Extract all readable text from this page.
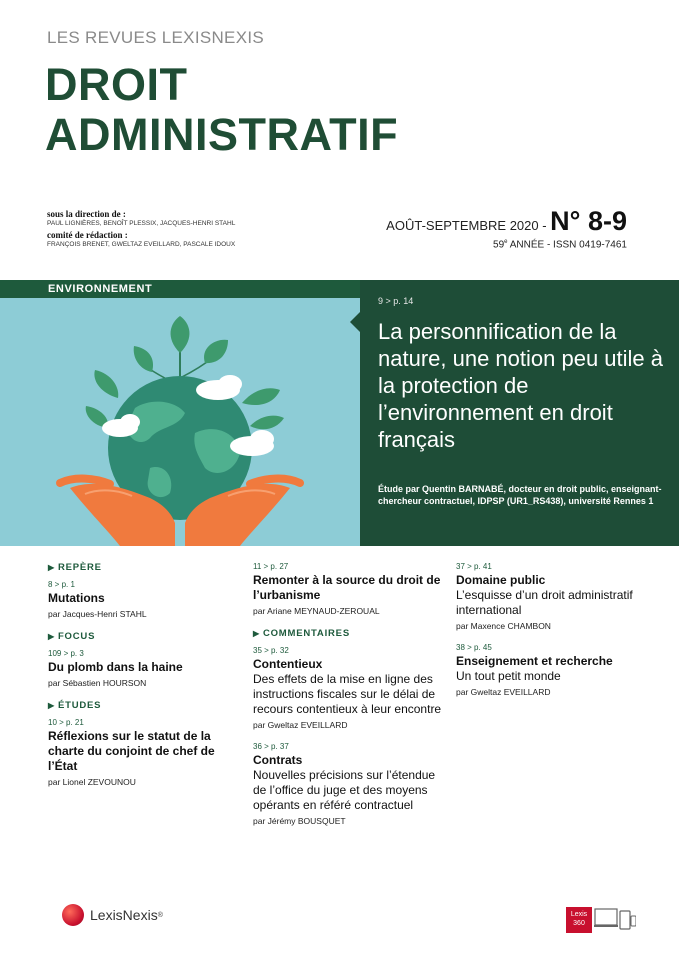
LES REVUES LEXISNEXIS
DROIT
ADMINISTRATIF
sous la direction de :
PAUL LIGNIÈRES, BENOÎT PLESSIX, JACQUES-HENRI STAHL
comité de rédaction :
FRANÇOIS BRENET, GWELTAZ EVEILLARD, PASCALE IDOUX
AOÛT-SEPTEMBRE 2020 - N° 8-9
59e ANNÉE - ISSN 0419-7461
ENVIRONNEMENT
9 > p. 14
La personnification de la nature, une notion peu utile à la protection de l’environnement en droit français
Étude par Quentin BARNABÉ, docteur en droit public, enseignant-chercheur contractuel, IDPSP (UR1_RS438), université Rennes 1
▶ REPÈRE
8 > p. 1
Mutations
par Jacques-Henri STAHL
▶ FOCUS
109 > p. 3
Du plomb dans la haine
par Sébastien HOURSON
▶ ÉTUDES
10 > p. 21
Réflexions sur le statut de la charte du conjoint de chef de l’État
par Lionel ZEVOUNOU
11 > p. 27
Remonter à la source du droit de l’urbanisme
par Ariane MEYNAUD-ZEROUAL
▶ COMMENTAIRES
35 > p. 32
Contentieux
Des effets de la mise en ligne des instructions fiscales sur le délai de recours contentieux à leur encontre
par Gweltaz EVEILLARD
36 > p. 37
Contrats
Nouvelles précisions sur l’étendue de l’office du juge et des moyens opérants en référé contractuel
par Jérémy BOUSQUET
37 > p. 41
Domaine public
L’esquisse d’un droit administratif international
par Maxence CHAMBON
38 > p. 45
Enseignement et recherche
Un tout petit monde
par Gweltaz EVEILLARD
LexisNexis ®	Lexis
360
